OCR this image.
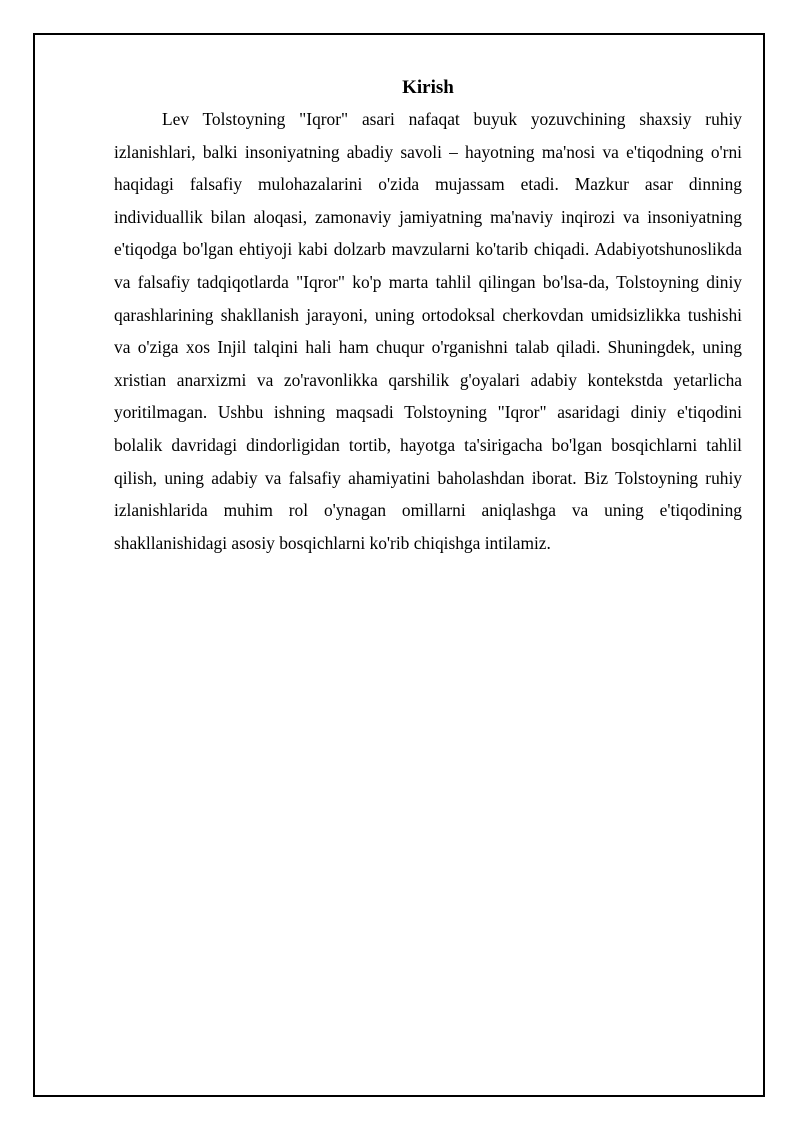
Kirish

Lev Tolstoyning "Iqror" asari nafaqat buyuk yozuvchining shaxsiy ruhiy izlanishlari, balki insoniyatning abadiy savoli – hayotning ma'nosi va e'tiqodning o'rni haqidagi falsafiy mulohazalarini o'zida mujassam etadi. Mazkur asar dinning individuallik bilan aloqasi, zamonaviy jamiyatning ma'naviy inqirozi va insoniyatning e'tiqodga bo'lgan ehtiyoji kabi dolzarb mavzularni ko'tarib chiqadi. Adabiyotshunoslikda va falsafiy tadqiqotlarda "Iqror" ko'p marta tahlil qilingan bo'lsa-da, Tolstoyning diniy qarashlarining shakllanish jarayoni, uning ortodoksal cherkovdan umidsizlikka tushishi va o'ziga xos Injil talqini hali ham chuqur o'rganishni talab qiladi. Shuningdek, uning xristian anarxizmi va zo'ravonlikka qarshilik g'oyalari adabiy kontekstda yetarlicha yoritilmagan. Ushbu ishning maqsadi Tolstoyning "Iqror" asaridagi diniy e'tiqodini bolalik davridagi dindorligidan tortib, hayotga ta'sirigacha bo'lgan bosqichlarni tahlil qilish, uning adabiy va falsafiy ahamiyatini baholashdan iborat. Biz Tolstoyning ruhiy izlanishlarida muhim rol o'ynagan omillarni aniqlashga va uning e'tiqodining shakllanishidagi asosiy bosqichlarni ko'rib chiqishga intilamiz.
